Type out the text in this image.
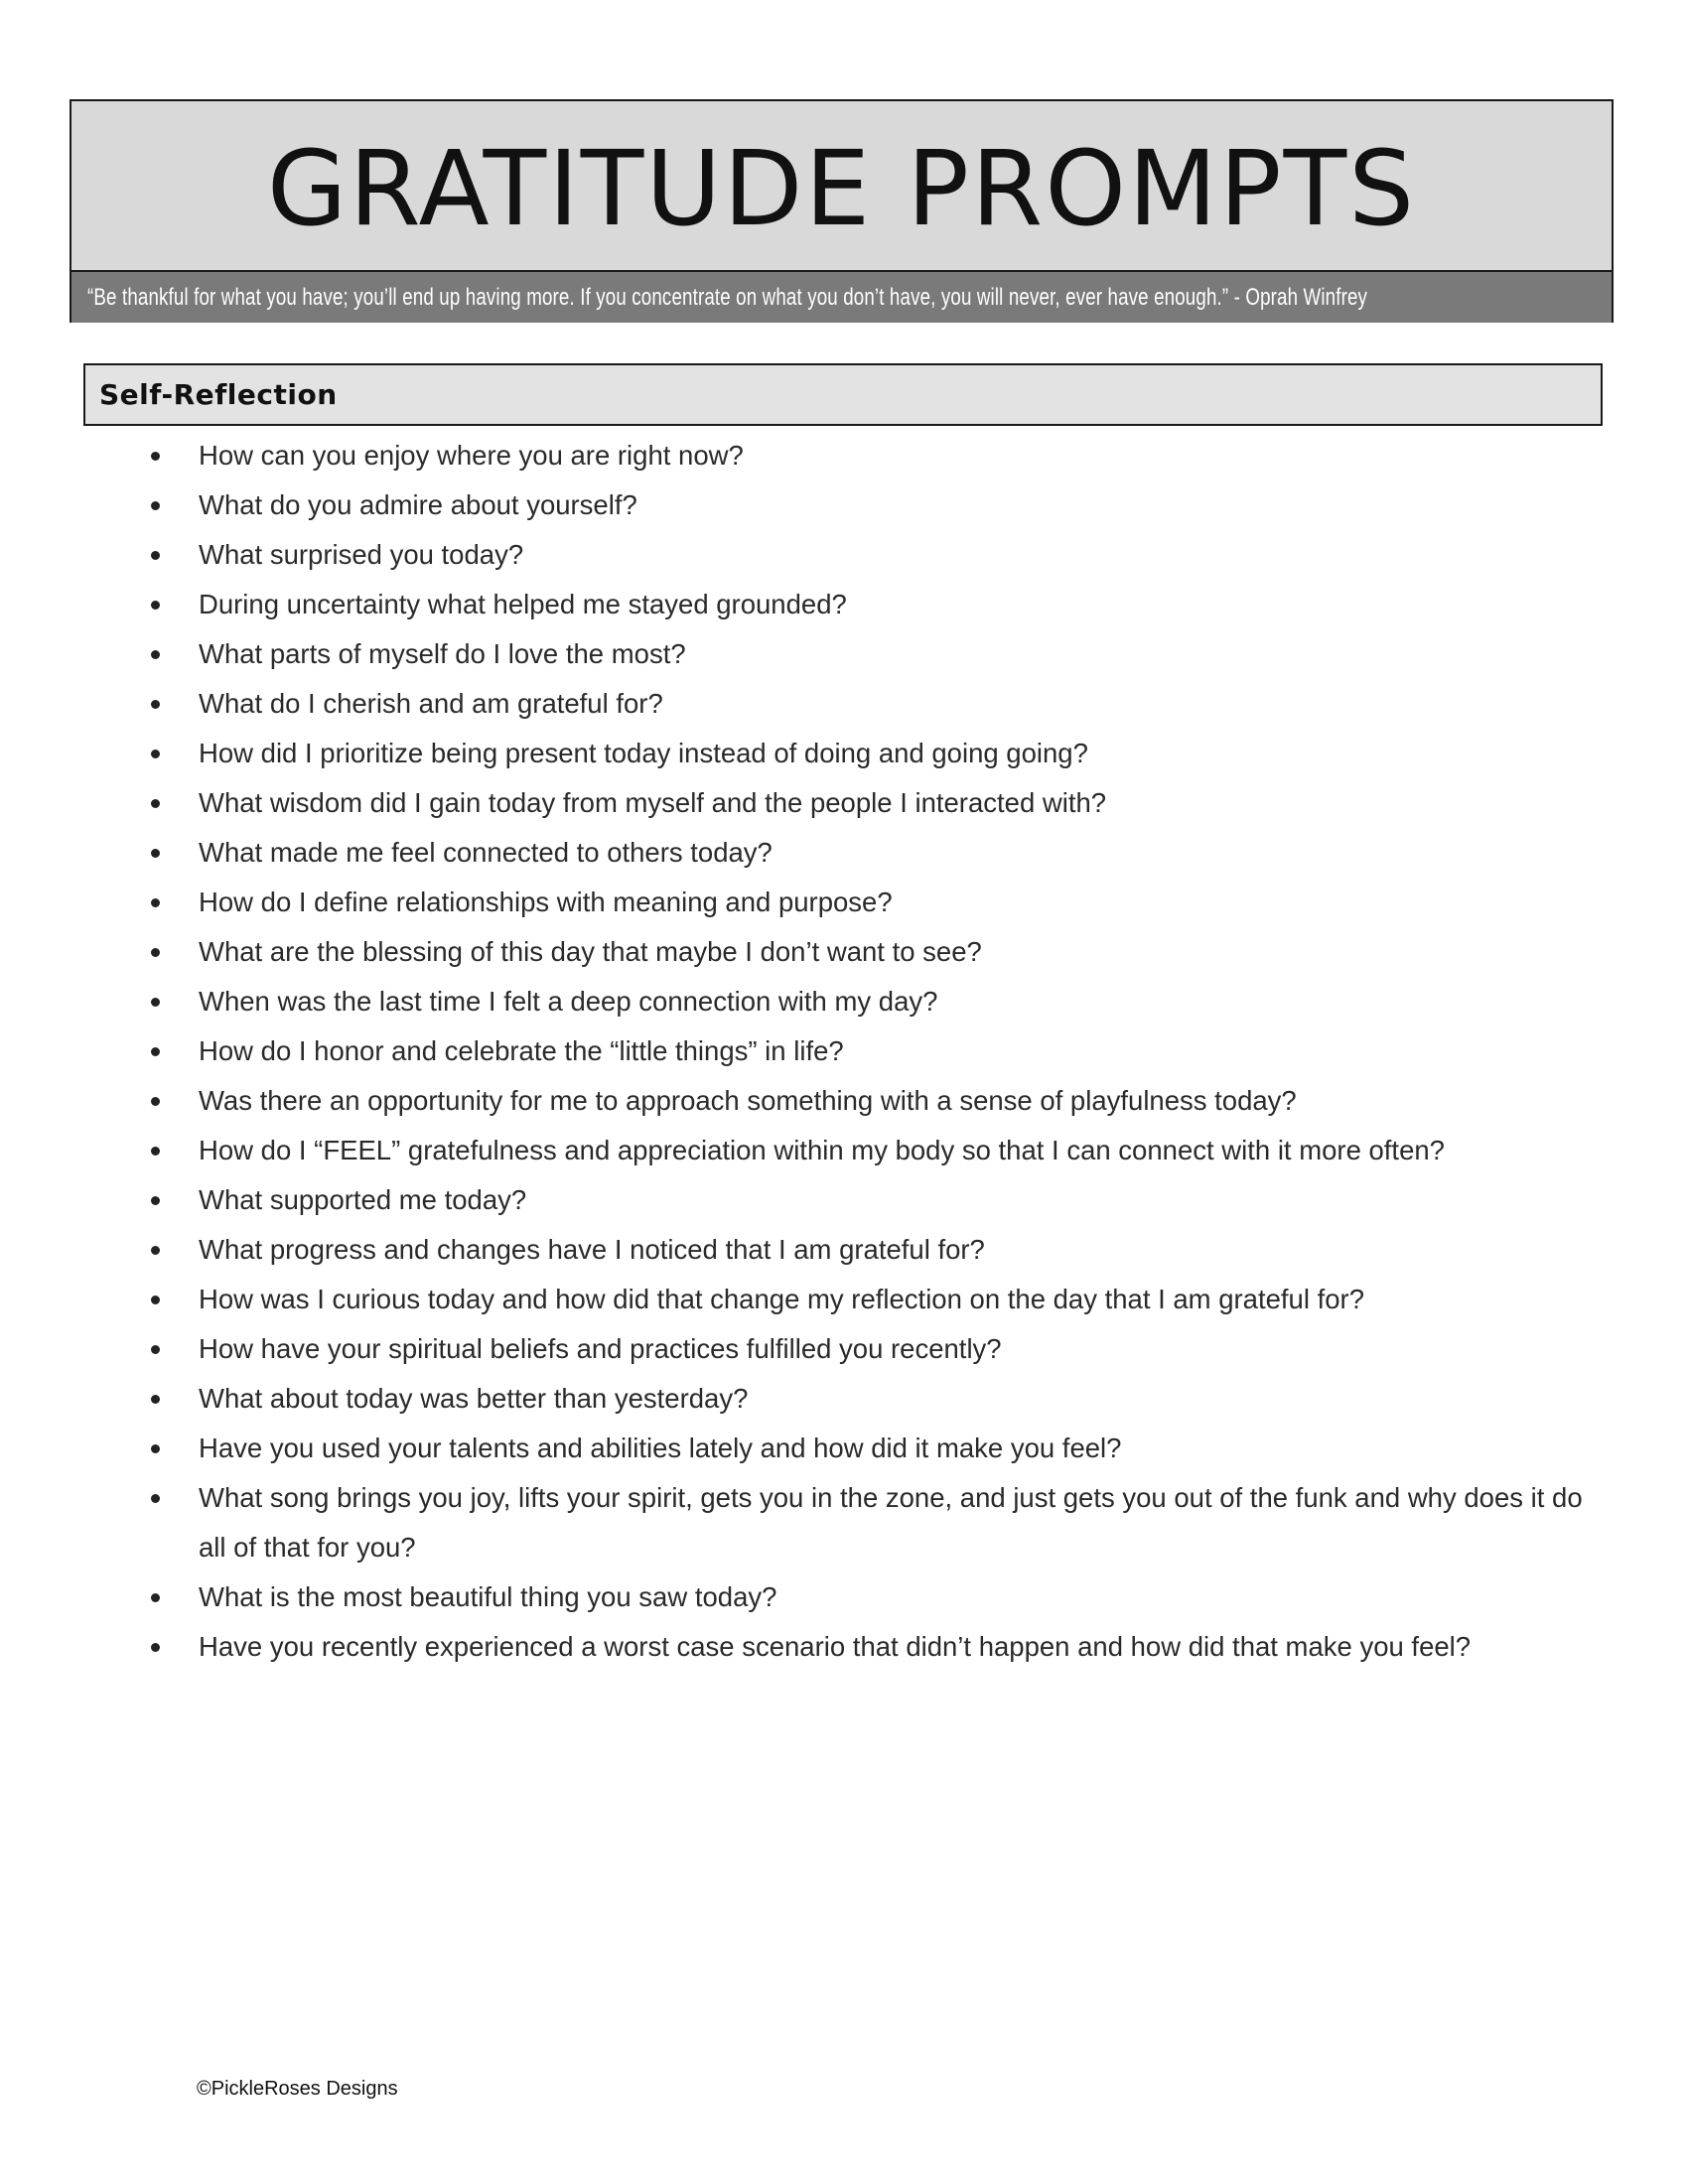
GRATITUDE PROMPTS
“Be thankful for what you have; you’ll end up having more. If you concentrate on what you don’t have, you will never, ever have enough.” - Oprah Winfrey
Self-Reflection
How can you enjoy where you are right now?
What do you admire about yourself?
What surprised you today?
During uncertainty what helped me stayed grounded?
What parts of myself do I love the most?
What do I cherish and am grateful for?
How did I prioritize being present today instead of doing and going going?
What wisdom did I gain today from myself and the people I interacted with?
What made me feel connected to others today?
How do I define relationships with meaning and purpose?
What are the blessing of this day that maybe I don’t want to see?
When was the last time I felt a deep connection with my day?
How do I honor and celebrate the “little things” in life?
Was there an opportunity for me to approach something with a sense of playfulness today?
How do I “FEEL” gratefulness and appreciation within my body so that I can connect with it more often?
What supported me today?
What progress and changes have I noticed that I am grateful for?
How was I curious today and how did that change my reflection on the day that I am grateful for?
How have your spiritual beliefs and practices fulfilled you recently?
What about today was better than yesterday?
Have you used your talents and abilities lately and how did it make you feel?
What song brings you joy, lifts your spirit, gets you in the zone, and just gets you out of the funk and why does it do all of that for you?
What is the most beautiful thing you saw today?
Have you recently experienced a worst case scenario that didn’t happen and how did that make you feel?
©PickleRoses Designs
